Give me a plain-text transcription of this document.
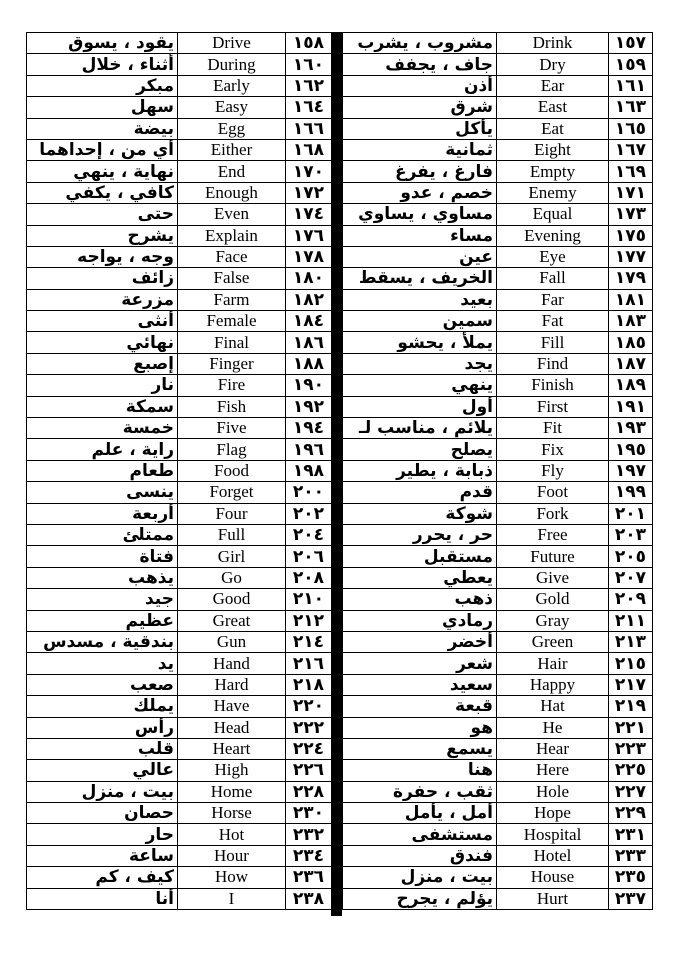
يقود ، يسوق	Drive	١٥٨
أثناء ، خلال	During	١٦٠
مبكر	Early	١٦٢
سهل	Easy	١٦٤
بيضة	Egg	١٦٦
أي من ، إحداهما	Either	١٦٨
نهاية ، ينهي	End	١٧٠
كافي ، يكفي	Enough	١٧٢
حتى	Even	١٧٤
يشرح	Explain	١٧٦
وجه ، يواجه	Face	١٧٨
زائف	False	١٨٠
مزرعة	Farm	١٨٢
أنثى	Female	١٨٤
نهائي	Final	١٨٦
إصبع	Finger	١٨٨
نار	Fire	١٩٠
سمكة	Fish	١٩٢
خمسة	Five	١٩٤
راية ، علم	Flag	١٩٦
طعام	Food	١٩٨
ينسى	Forget	٢٠٠
أربعة	Four	٢٠٢
ممتلئ	Full	٢٠٤
فتاة	Girl	٢٠٦
يذهب	Go	٢٠٨
جيد	Good	٢١٠
عظيم	Great	٢١٢
بندقية ، مسدس	Gun	٢١٤
يد	Hand	٢١٦
صعب	Hard	٢١٨
يملك	Have	٢٢٠
رأس	Head	٢٢٢
قلب	Heart	٢٢٤
عالي	High	٢٢٦
بيت ، منزل	Home	٢٢٨
حصان	Horse	٢٣٠
حار	Hot	٢٣٢
ساعة	Hour	٢٣٤
كيف ، كم	How	٢٣٦
أنا	I	٢٣٨
مشروب ، يشرب	Drink	١٥٧
جاف ، يجفف	Dry	١٥٩
أذن	Ear	١٦١
شرق	East	١٦٣
يأكل	Eat	١٦٥
ثمانية	Eight	١٦٧
فارغ ، يفرغ	Empty	١٦٩
خصم ، عدو	Enemy	١٧١
مساوي ، يساوي	Equal	١٧٣
مساء	Evening	١٧٥
عين	Eye	١٧٧
الخريف ، يسقط	Fall	١٧٩
بعيد	Far	١٨١
سمين	Fat	١٨٣
يملأ ، يحشو	Fill	١٨٥
يجد	Find	١٨٧
ينهي	Finish	١٨٩
أول	First	١٩١
يلائم ، مناسب لـ	Fit	١٩٣
يصلح	Fix	١٩٥
ذبابة ، يطير	Fly	١٩٧
قدم	Foot	١٩٩
شوكة	Fork	٢٠١
حر ، يحرر	Free	٢٠٣
مستقبل	Future	٢٠٥
يعطي	Give	٢٠٧
ذهب	Gold	٢٠٩
رمادي	Gray	٢١١
أخضر	Green	٢١٣
شعر	Hair	٢١٥
سعيد	Happy	٢١٧
قبعة	Hat	٢١٩
هو	He	٢٢١
يسمع	Hear	٢٢٣
هنا	Here	٢٢٥
ثقب ، حفرة	Hole	٢٢٧
أمل ، يأمل	Hope	٢٢٩
مستشفى	Hospital	٢٣١
فندق	Hotel	٢٣٣
بيت ، منزل	House	٢٣٥
يؤلم ، يجرح	Hurt	٢٣٧
